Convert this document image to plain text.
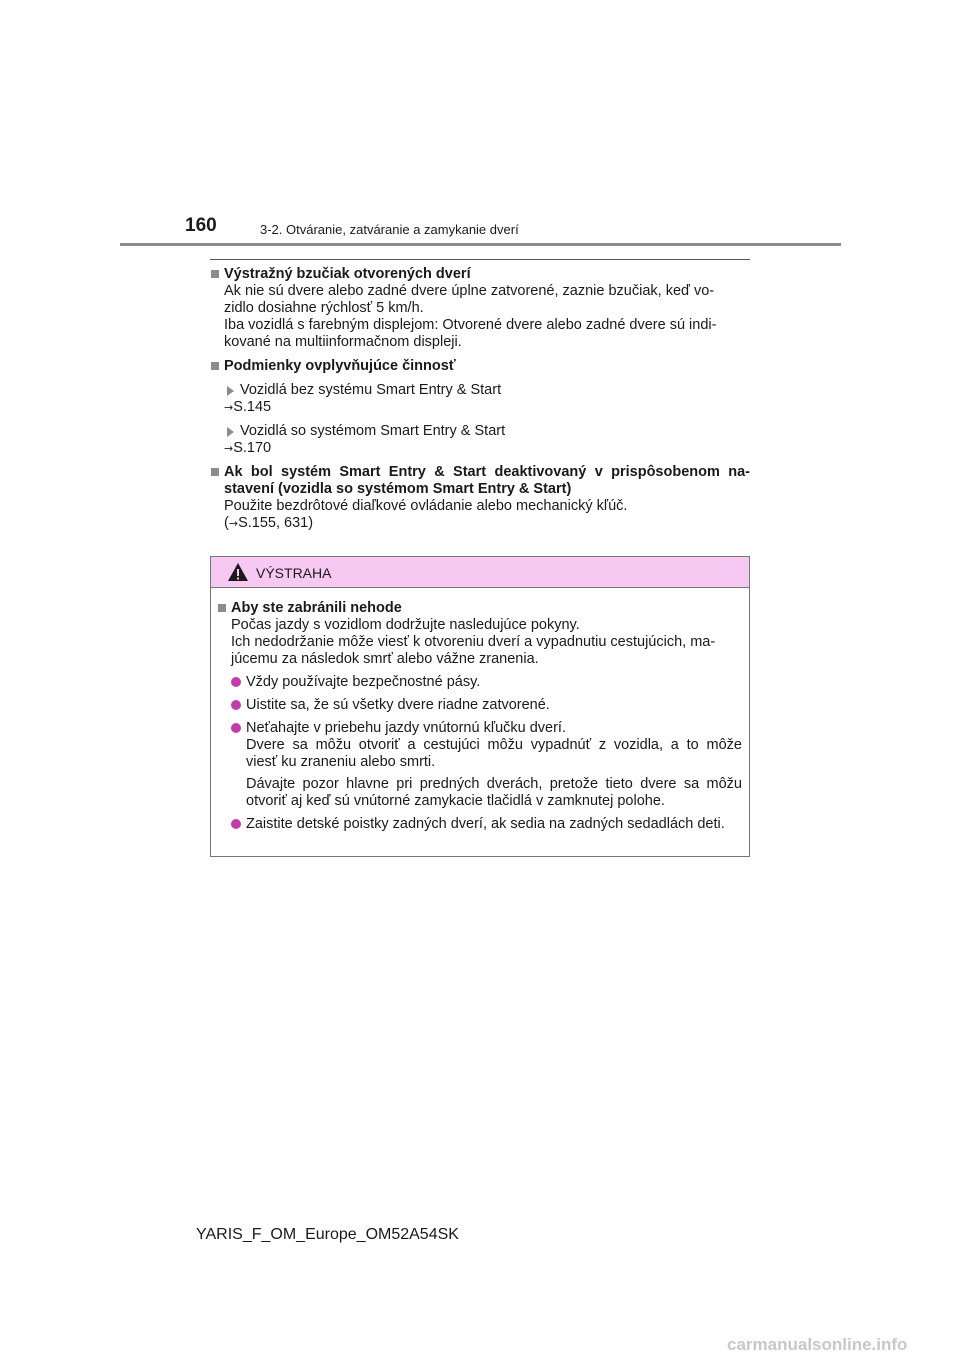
160	3-2. Otváranie, zatváranie a zamykanie dverí
Výstražný bzučiak otvorených dverí

Ak nie sú dvere alebo zadné dvere úplne zatvorené, zaznie bzučiak, keď vo-

zidlo dosiahne rýchlosť 5 km/h.

Iba vozidlá s farebným displejom: Otvorené dvere alebo zadné dvere sú indi-

kované na multiinformačnom displeji.

Podmienky ovplyvňujúce činnosť
Vozidlá bez systému Smart Entry & Start
→S.145
Vozidlá so systémom Smart Entry & Start
→S.170
Ak bol systém Smart Entry & Start deaktivovaný v prispôsobenom na-
stavení (vozidla so systémom Smart Entry & Start)

Použite bezdrôtové diaľkové ovládanie alebo mechanický kľúč.

(→S.155, 631)

VÝSTRAHA
Aby ste zabránili nehode

Počas jazdy s vozidlom dodržujte nasledujúce pokyny.

Ich nedodržanie môže viesť k otvoreniu dverí a vypadnutiu cestujúcich, ma-

júcemu za následok smrť alebo vážne zranenia.

Vždy používajte bezpečnostné pásy.

Uistite sa, že sú všetky dvere riadne zatvorené.

Neťahajte v priebehu jazdy vnútornú kľučku dverí.

Dvere sa môžu otvoriť a cestujúci môžu vypadnúť z vozidla, a to môže

viesť ku zraneniu alebo smrti.

Dávajte pozor hlavne pri predných dverách, pretože tieto dvere sa môžu

otvoriť aj keď sú vnútorné zamykacie tlačidlá v zamknutej polohe.

Zaistite detské poistky zadných dverí, ak sedia na zadných sedadlách deti.

YARIS_F_OM_Europe_OM52A54SK
carmanualsonline.info
